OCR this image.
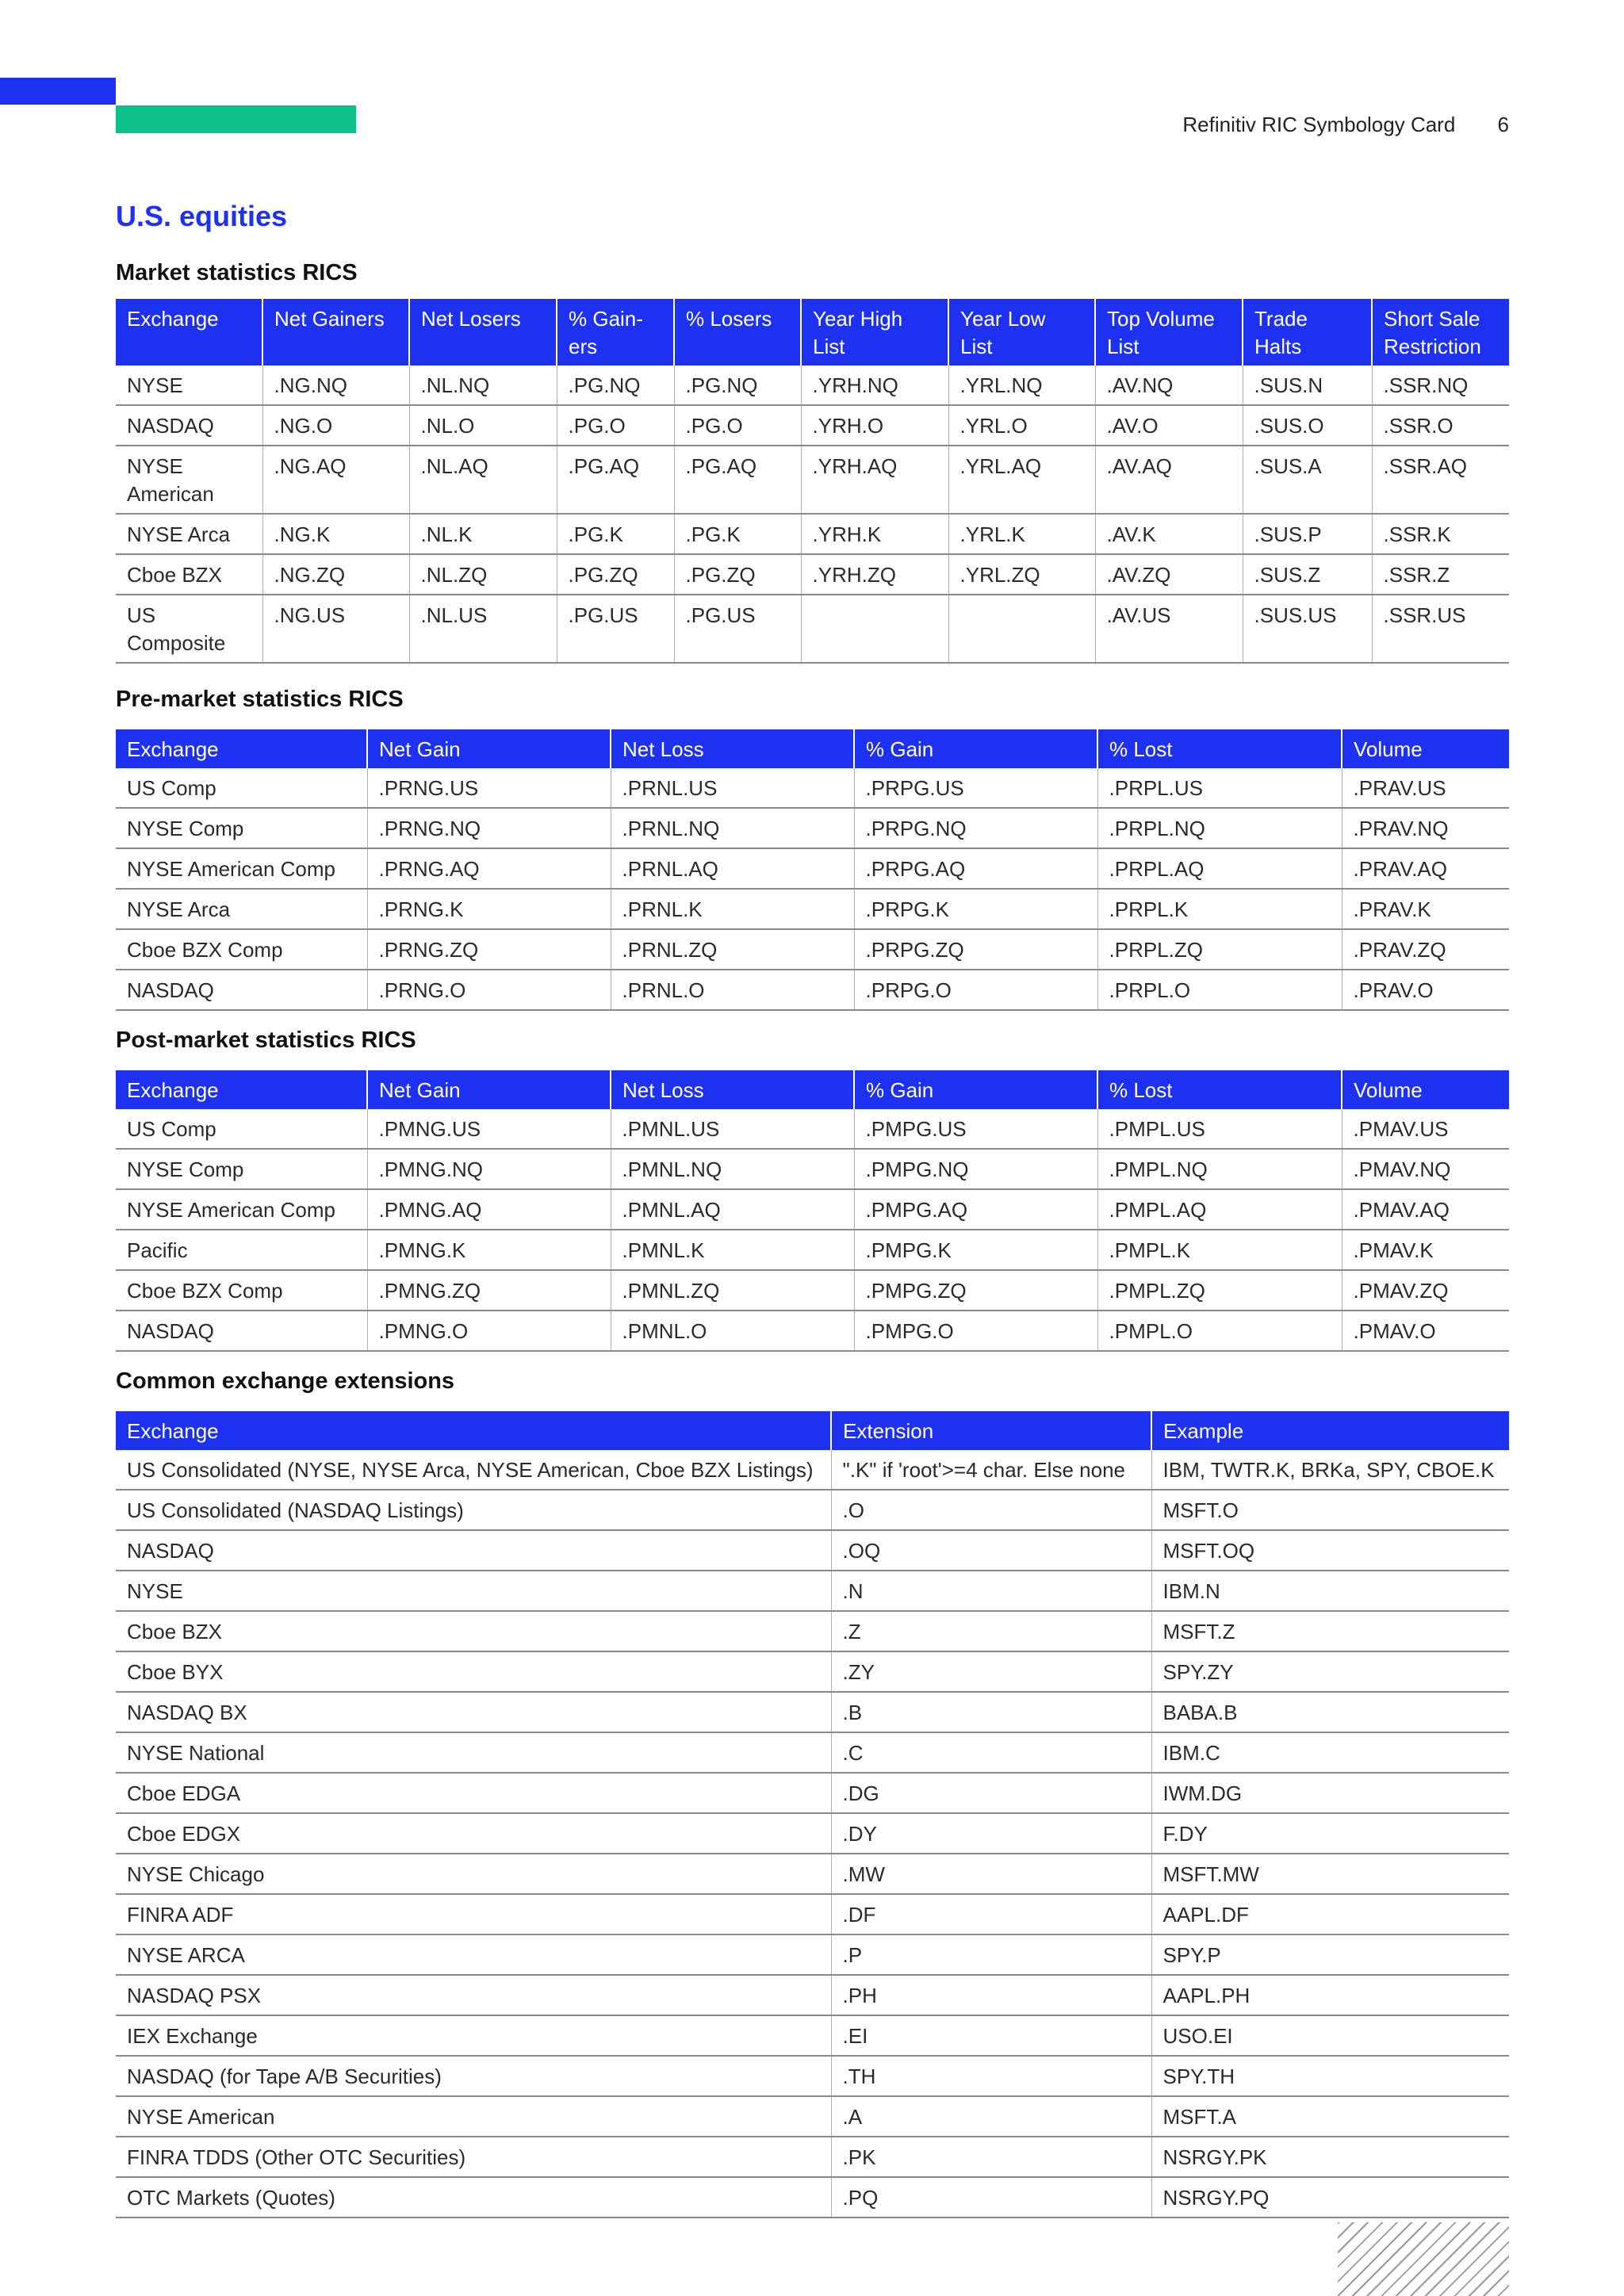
Refinitiv RIC Symbology Card 6
U.S. equities
Market statistics RICS
Exchange	Net Gainers	Net Losers	% Gain-ers	% Losers	Year High List	Year Low List	Top Volume List	Trade Halts	Short Sale Restriction
NYSE	.NG.NQ	.NL.NQ	.PG.NQ	.PG.NQ	.YRH.NQ	.YRL.NQ	.AV.NQ	.SUS.N	.SSR.NQ
NASDAQ	.NG.O	.NL.O	.PG.O	.PG.O	.YRH.O	.YRL.O	.AV.O	.SUS.O	.SSR.O
NYSE American	.NG.AQ	.NL.AQ	.PG.AQ	.PG.AQ	.YRH.AQ	.YRL.AQ	.AV.AQ	.SUS.A	.SSR.AQ
NYSE Arca	.NG.K	.NL.K	.PG.K	.PG.K	.YRH.K	.YRL.K	.AV.K	.SUS.P	.SSR.K
Cboe BZX	.NG.ZQ	.NL.ZQ	.PG.ZQ	.PG.ZQ	.YRH.ZQ	.YRL.ZQ	.AV.ZQ	.SUS.Z	.SSR.Z
US Composite	.NG.US	.NL.US	.PG.US	.PG.US			.AV.US	.SUS.US	.SSR.US
Pre-market statistics RICS
Exchange	Net Gain	Net Loss	% Gain	% Lost	Volume
US Comp	.PRNG.US	.PRNL.US	.PRPG.US	.PRPL.US	.PRAV.US
NYSE Comp	.PRNG.NQ	.PRNL.NQ	.PRPG.NQ	.PRPL.NQ	.PRAV.NQ
NYSE American Comp	.PRNG.AQ	.PRNL.AQ	.PRPG.AQ	.PRPL.AQ	.PRAV.AQ
NYSE Arca	.PRNG.K	.PRNL.K	.PRPG.K	.PRPL.K	.PRAV.K
Cboe BZX Comp	.PRNG.ZQ	.PRNL.ZQ	.PRPG.ZQ	.PRPL.ZQ	.PRAV.ZQ
NASDAQ	.PRNG.O	.PRNL.O	.PRPG.O	.PRPL.O	.PRAV.O
Post-market statistics RICS
Exchange	Net Gain	Net Loss	% Gain	% Lost	Volume
US Comp	.PMNG.US	.PMNL.US	.PMPG.US	.PMPL.US	.PMAV.US
NYSE Comp	.PMNG.NQ	.PMNL.NQ	.PMPG.NQ	.PMPL.NQ	.PMAV.NQ
NYSE American Comp	.PMNG.AQ	.PMNL.AQ	.PMPG.AQ	.PMPL.AQ	.PMAV.AQ
Pacific	.PMNG.K	.PMNL.K	.PMPG.K	.PMPL.K	.PMAV.K
Cboe BZX Comp	.PMNG.ZQ	.PMNL.ZQ	.PMPG.ZQ	.PMPL.ZQ	.PMAV.ZQ
NASDAQ	.PMNG.O	.PMNL.O	.PMPG.O	.PMPL.O	.PMAV.O
Common exchange extensions
Exchange	Extension	Example
US Consolidated (NYSE, NYSE Arca, NYSE American, Cboe BZX Listings)	".K" if 'root'>=4 char. Else none	IBM, TWTR.K, BRKa, SPY, CBOE.K
US Consolidated (NASDAQ Listings)	.O	MSFT.O
NASDAQ	.OQ	MSFT.OQ
NYSE	.N	IBM.N
Cboe BZX	.Z	MSFT.Z
Cboe BYX	.ZY	SPY.ZY
NASDAQ BX	.B	BABA.B
NYSE National	.C	IBM.C
Cboe EDGA	.DG	IWM.DG
Cboe EDGX	.DY	F.DY
NYSE Chicago	.MW	MSFT.MW
FINRA ADF	.DF	AAPL.DF
NYSE ARCA	.P	SPY.P
NASDAQ PSX	.PH	AAPL.PH
IEX Exchange	.EI	USO.EI
NASDAQ (for Tape A/B Securities)	.TH	SPY.TH
NYSE American	.A	MSFT.A
FINRA TDDS (Other OTC Securities)	.PK	NSRGY.PK
OTC Markets (Quotes)	.PQ	NSRGY.PQ
